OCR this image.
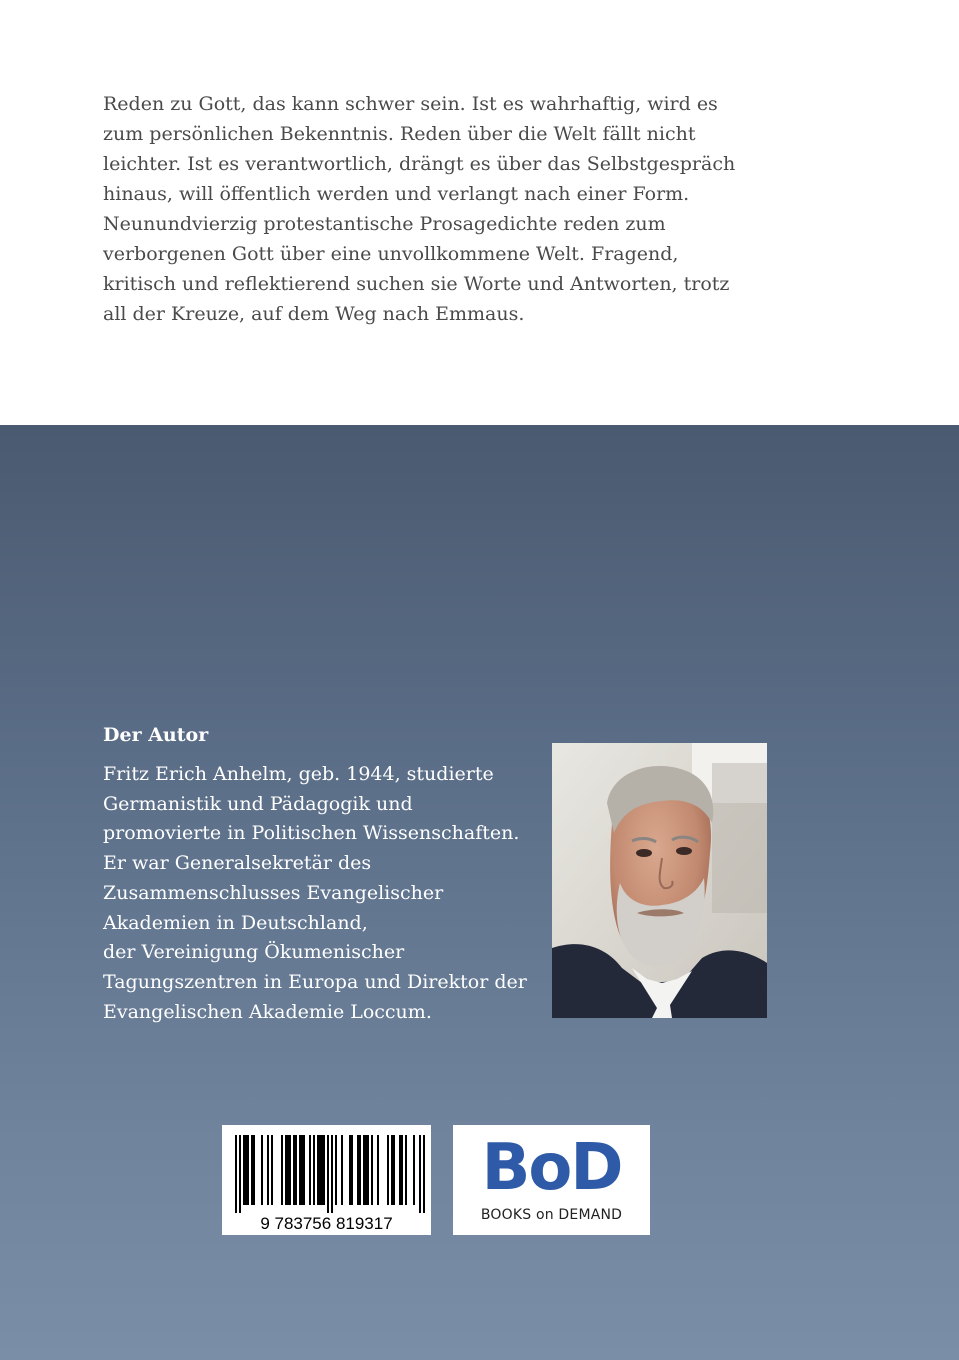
Reden zu Gott, das kann schwer sein. Ist es wahrhaftig, wird es
zum persönlichen Bekenntnis. Reden über die Welt fällt nicht
leichter. Ist es verantwortlich, drängt es über das Selbstgespräch
hinaus, will öffentlich werden und verlangt nach einer Form.
Neunundvierzig protestantische Prosagedichte reden zum
verborgenen Gott über eine unvollkommene Welt. Fragend,
kritisch und reflektierend suchen sie Worte und Antworten, trotz
all der Kreuze, auf dem Weg nach Emmaus.
Der Autor
Fritz Erich Anhelm, geb. 1944, studierte
Germanistik und Pädagogik und
promovierte in Politischen Wissenschaften.
Er war Generalsekretär des
Zusammenschlusses Evangelischer
Akademien in Deutschland,
der Vereinigung Ökumenischer
Tagungszentren in Europa und Direktor der
Evangelischen Akademie Loccum.
9 783756 819317
BoD
BOOKS on DEMAND
